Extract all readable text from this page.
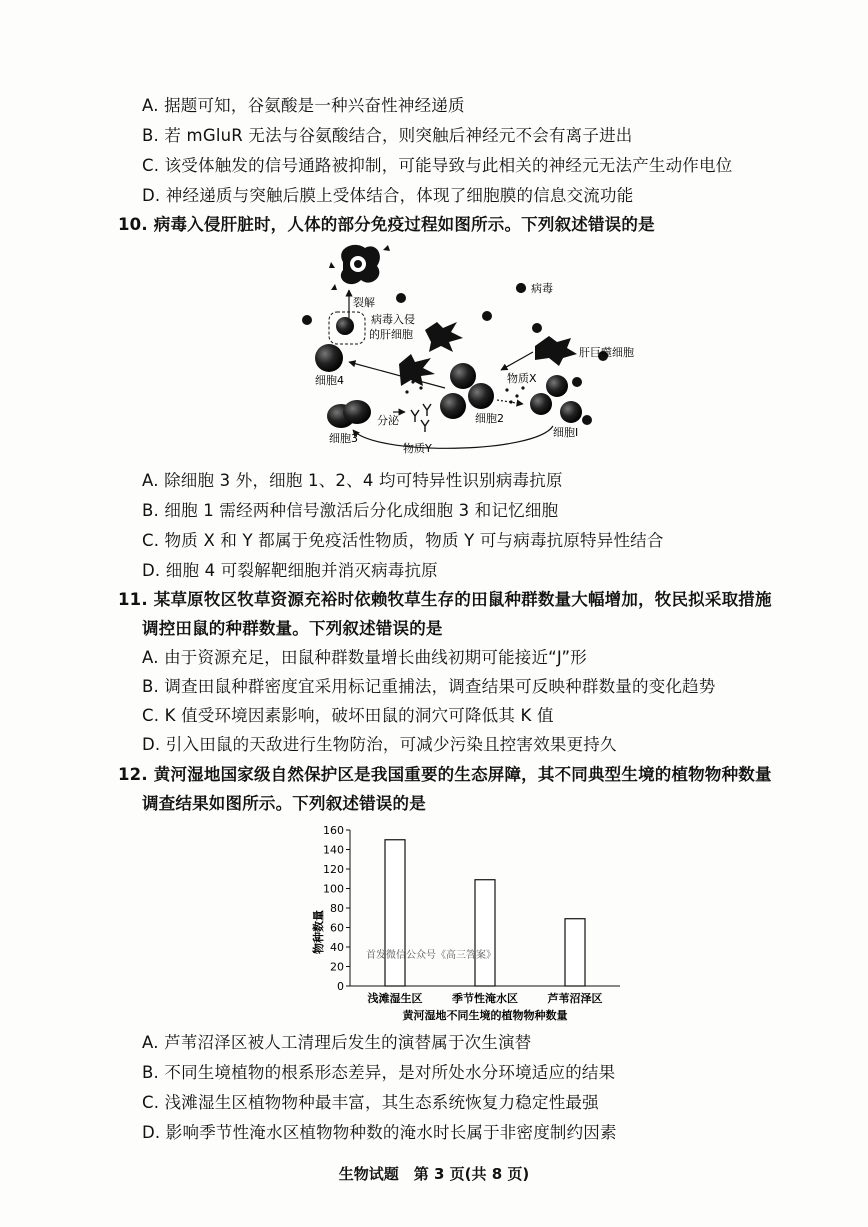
A. 据题可知，谷氨酸是一种兴奋性神经递质
B. 若 mGluR 无法与谷氨酸结合，则突触后神经元不会有离子进出
C. 该受体触发的信号通路被抑制，可能导致与此相关的神经元无法产生动作电位
D. 神经递质与突触后膜上受体结合，体现了细胞膜的信息交流功能
10. 病毒入侵肝脏时，人体的部分免疫过程如图所示。下列叙述错误的是
裂解
病毒入侵
的肝细胞
病毒
肝巨噬细胞
细胞4
细胞2
物质X
细胞Ⅰ
细胞3
分泌
物质Y
A. 除细胞 3 外，细胞 1、2、4 均可特异性识别病毒抗原
B. 细胞 1 需经两种信号激活后分化成细胞 3 和记忆细胞
C. 物质 X 和 Y 都属于免疫活性物质，物质 Y 可与病毒抗原特异性结合
D. 细胞 4 可裂解靶细胞并消灭病毒抗原
11. 某草原牧区牧草资源充裕时依赖牧草生存的田鼠种群数量大幅增加，牧民拟采取措施
调控田鼠的种群数量。下列叙述错误的是
A. 由于资源充足，田鼠种群数量增长曲线初期可能接近“J”形
B. 调查田鼠种群密度宜采用标记重捕法，调查结果可反映种群数量的变化趋势
C. K 值受环境因素影响，破坏田鼠的洞穴可降低其 K 值
D. 引入田鼠的天敌进行生物防治，可减少污染且控害效果更持久
12. 黄河湿地国家级自然保护区是我国重要的生态屏障，其不同典型生境的植物物种数量
调查结果如图所示。下列叙述错误的是
0
20
40
60
80
100
120
140
160
浅滩湿生区	季节性淹水区	芦苇沼泽区
物种数量
黄河湿地不同生境的植物物种数量
首发微信公众号《高三答案》
A. 芦苇沼泽区被人工清理后发生的演替属于次生演替
B. 不同生境植物的根系形态差异，是对所处水分环境适应的结果
C. 浅滩湿生区植物物种最丰富，其生态系统恢复力稳定性最强
D. 影响季节性淹水区植物物种数的淹水时长属于非密度制约因素
生物试题　第 3 页(共 8 页)
